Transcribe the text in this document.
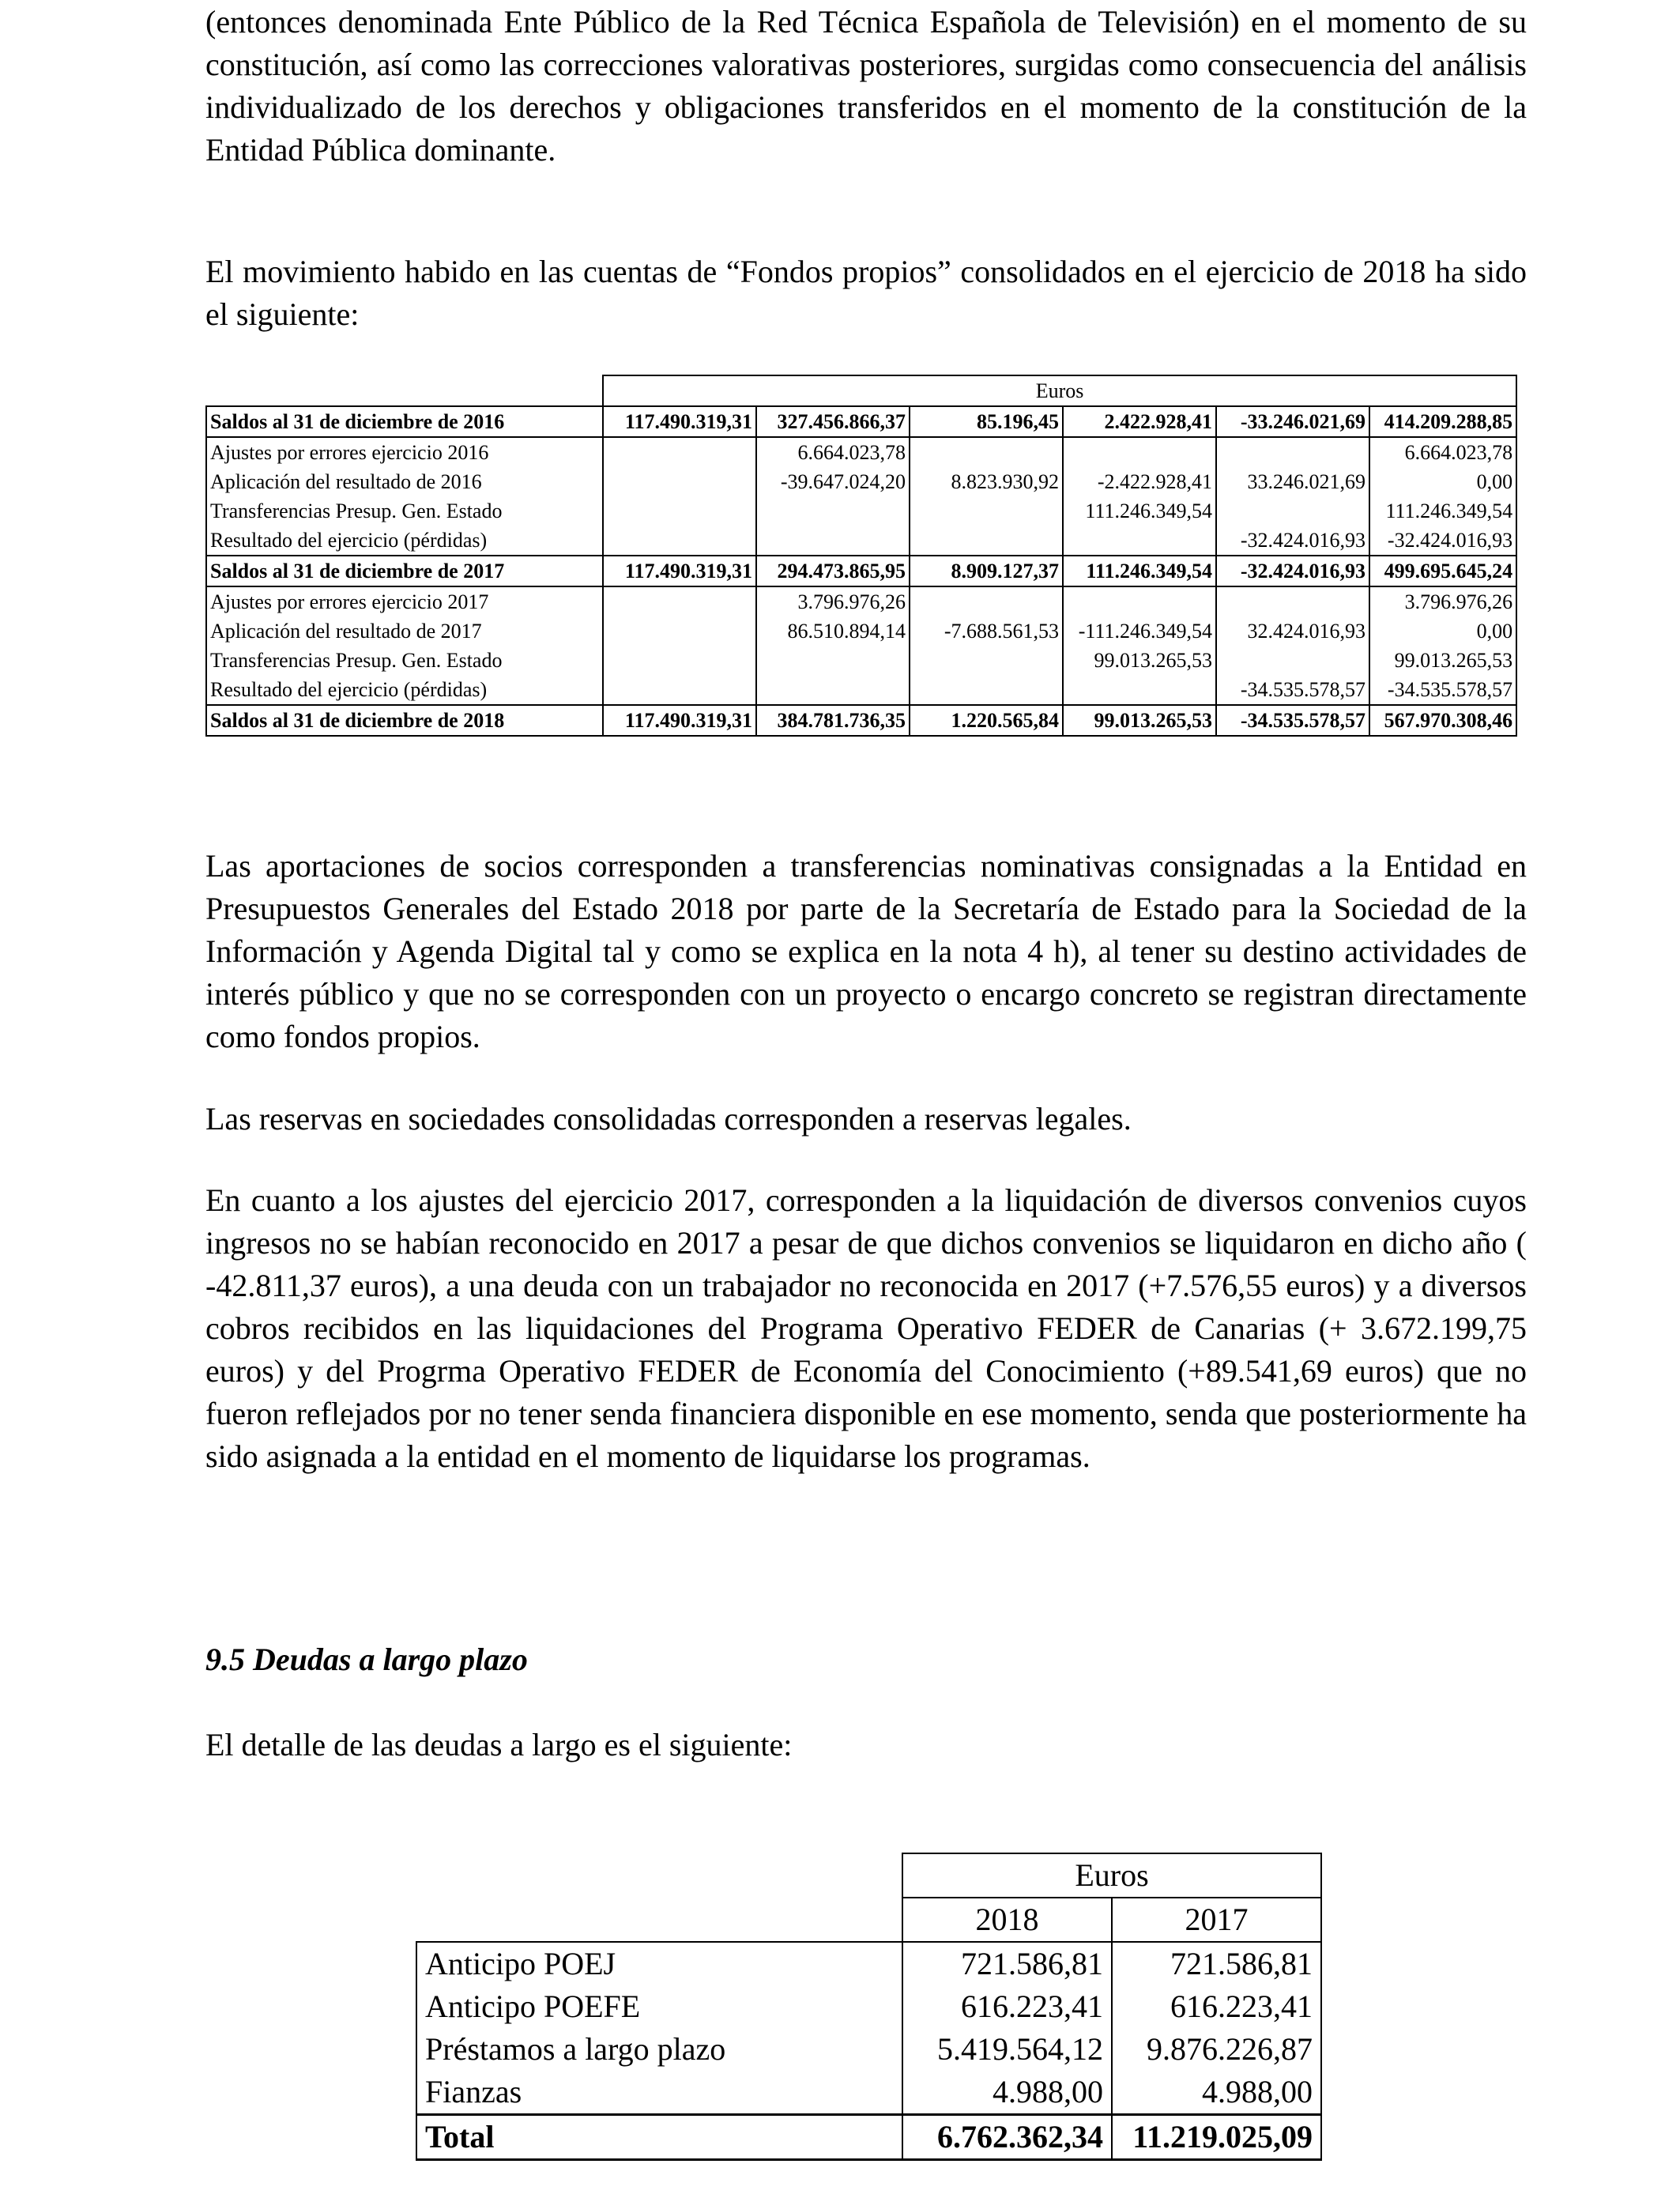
(entonces denominada Ente Público de la Red Técnica Española de Televisión) en el momento de su constitución, así como las correcciones valorativas posteriores, surgidas como consecuencia del análisis individualizado de los derechos y obligaciones transferidos en el momento de la constitución de la Entidad Pública dominante.

El movimiento habido en las cuentas de “Fondos propios” consolidados en el ejercicio de 2018 ha sido el siguiente:

	Euros					
Saldos al 31 de diciembre de 2016	117.490.319,31	327.456.866,37	85.196,45	2.422.928,41	-33.246.021,69	414.209.288,85
Ajustes por errores ejercicio 2016		6.664.023,78				6.664.023,78
Aplicación del resultado de 2016		-39.647.024,20	8.823.930,92	-2.422.928,41	33.246.021,69	0,00
Transferencias Presup. Gen. Estado				111.246.349,54		111.246.349,54
Resultado del ejercicio (pérdidas)					-32.424.016,93	-32.424.016,93
Saldos al 31 de diciembre de 2017	117.490.319,31	294.473.865,95	8.909.127,37	111.246.349,54	-32.424.016,93	499.695.645,24
Ajustes por errores ejercicio 2017		3.796.976,26				3.796.976,26
Aplicación del resultado de 2017		86.510.894,14	-7.688.561,53	-111.246.349,54	32.424.016,93	0,00
Transferencias Presup. Gen. Estado				99.013.265,53		99.013.265,53
Resultado del ejercicio (pérdidas)					-34.535.578,57	-34.535.578,57
Saldos al 31 de diciembre de 2018	117.490.319,31	384.781.736,35	1.220.565,84	99.013.265,53	-34.535.578,57	567.970.308,46

Las aportaciones de socios corresponden a transferencias nominativas consignadas a la Entidad en Presupuestos Generales del Estado 2018 por parte de la Secretaría de Estado para la Sociedad de la Información y Agenda Digital tal y como se explica en la nota 4 h), al tener su destino actividades de interés público y que no se corresponden con un proyecto o encargo concreto se registran directamente como fondos propios.

Las reservas en sociedades consolidadas corresponden a reservas legales.

En cuanto a los ajustes del ejercicio 2017, corresponden a la liquidación de diversos convenios cuyos ingresos no se habían reconocido en 2017 a pesar de que dichos convenios se liquidaron en dicho año ( -42.811,37 euros), a una deuda con un trabajador no reconocida en 2017 (+7.576,55 euros) y a diversos cobros recibidos en las liquidaciones del Programa Operativo FEDER de Canarias (+ 3.672.199,75 euros) y del Progrma Operativo FEDER de Economía del Conocimiento (+89.541,69 euros) que no fueron reflejados por no tener senda financiera disponible en ese momento, senda que posteriormente ha sido asignada a la entidad en el momento de liquidarse los programas.

9.5 Deudas a largo plazo

El detalle de las deudas a largo es el siguiente:

	Euros	
	2018	2017
Anticipo POEJ	721.586,81	721.586,81
Anticipo POEFE	616.223,41	616.223,41
Préstamos a largo plazo	5.419.564,12	9.876.226,87
Fianzas	4.988,00	4.988,00
Total	6.762.362,34	11.219.025,09
